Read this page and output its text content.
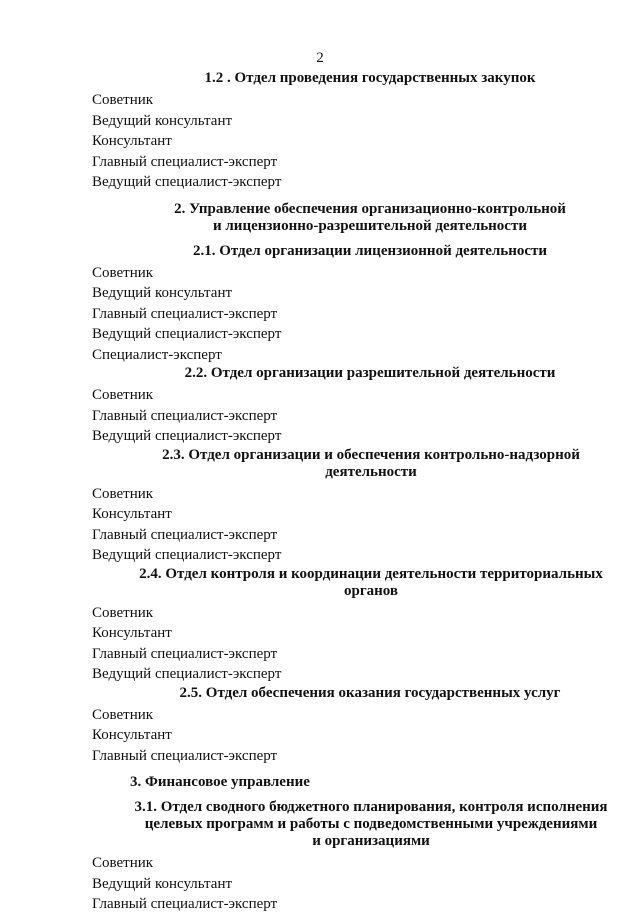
2
1.2 . Отдел проведения государственных закупок

Советник

Ведущий консультант

Консультант

Главный специалист-эксперт

Ведущий специалист-эксперт

2. Управление обеспечения организационно-контрольной
и лицензионно-разрешительной деятельности
2.1. Отдел организации лицензионной деятельности

Советник

Ведущий консультант

Главный специалист-эксперт

Ведущий специалист-эксперт

Специалист-эксперт

2.2. Отдел организации разрешительной деятельности

Советник

Главный специалист-эксперт

Ведущий специалист-эксперт

2.3. Отдел организации и обеспечения контрольно-надзорной
деятельности

Советник

Консультант

Главный специалист-эксперт

Ведущий специалист-эксперт

2.4. Отдел контроля и координации деятельности территориальных
органов

Советник

Консультант

Главный специалист-эксперт

Ведущий специалист-эксперт

2.5. Отдел обеспечения оказания государственных услуг

Советник

Консультант

Главный специалист-эксперт

3. Финансовое управление
3.1. Отдел сводного бюджетного планирования, контроля исполнения
целевых программ и работы с подведомственными учреждениями
и организациями

Советник

Ведущий консультант

Главный специалист-эксперт
